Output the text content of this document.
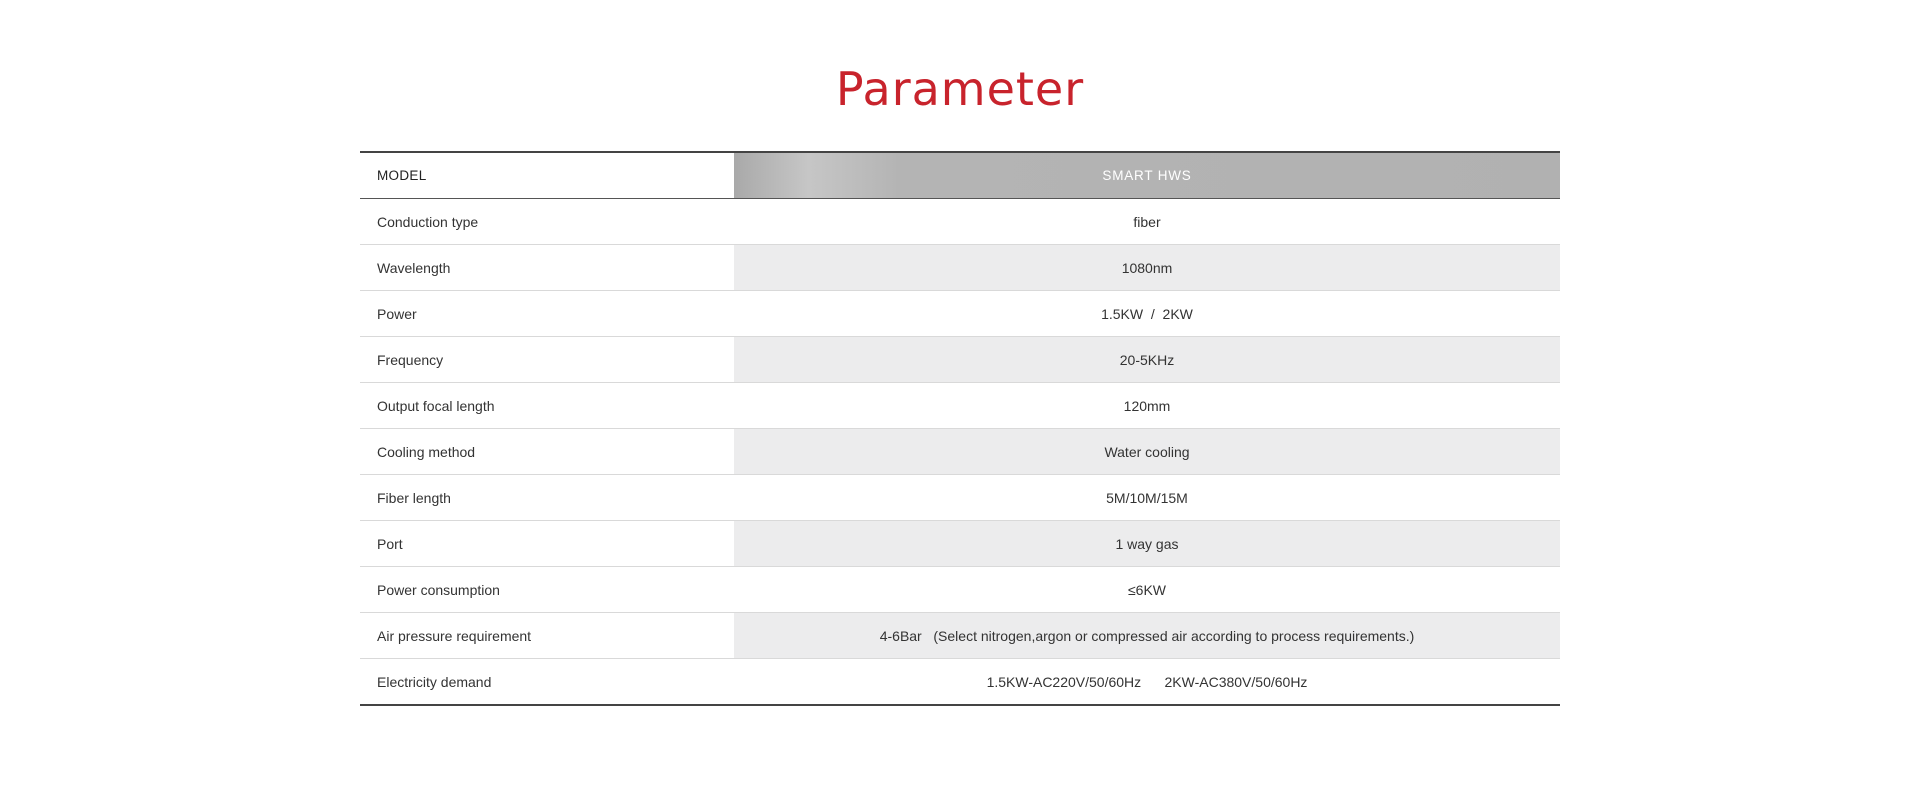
Parameter
MODEL	SMART HWS
Conduction type	fiber
Wavelength	1080nm
Power	1.5KW  /  2KW
Frequency	20-5KHz
Output focal length	120mm
Cooling method	Water cooling
Fiber length	5M/10M/15M
Port	1 way gas
Power consumption	≤6KW
Air pressure requirement	4-6Bar   (Select nitrogen,argon or compressed air according to process requirements.)
Electricity demand	1.5KW-AC220V/50/60Hz      2KW-AC380V/50/60Hz
